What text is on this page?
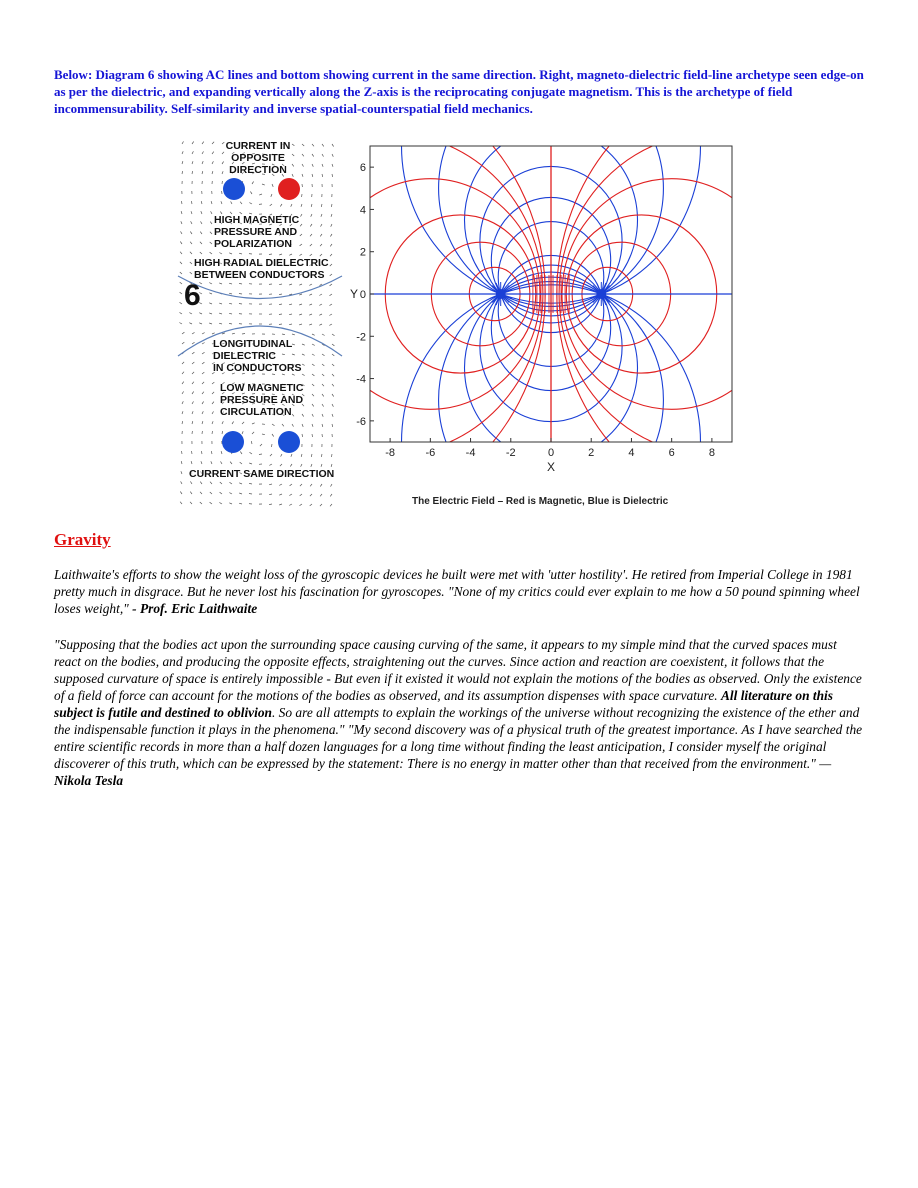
Below: Diagram 6 showing AC lines and bottom showing current in the same direction. Right, magneto-dielectric field-line archetype seen edge-on as per the dielectric, and expanding vertically along the Z-axis is the reciprocating conjugate magnetism. This is the archetype of field incommensurability. Self-similarity and inverse spatial-counterspatial field mechanics.
CURRENT IN OPPOSITE
DIRECTION
HIGH MAGNETIC
PRESSURE AND
POLARIZATION
HIGH RADIAL DIELECTRIC
BETWEEN CONDUCTORS
6
LONGITUDINAL
DIELECTRIC
IN CONDUCTORS
LOW MAGNETIC
PRESSURE AND
CIRCULATION
CURRENT SAME DIRECTION
-8	-6	-4	-2	0	2	4	6	8
-6
-4
-2
0
2
4
6
X
Y
The Electric Field – Red is Magnetic, Blue is Dielectric
Gravity
Laithwaite's efforts to show the weight loss of the gyroscopic devices he built were met with 'utter hostility'. He retired from Imperial College in 1981 pretty much in disgrace. But he never lost his fascination for gyroscopes. "None of my critics could ever explain to me how a 50 pound spinning wheel loses weight," - Prof. Eric Laithwaite
"Supposing that the bodies act upon the surrounding space causing curving of the same, it appears to my simple mind that the curved spaces must react on the bodies, and producing the opposite effects, straightening out the curves. Since action and reaction are coexistent, it follows that the supposed curvature of space is entirely impossible - But even if it existed it would not explain the motions of the bodies as observed. Only the existence of a field of force can account for the motions of the bodies as observed, and its assumption dispenses with space curvature. All literature on this subject is futile and destined to oblivion. So are all attempts to explain the workings of the universe without recognizing the existence of the ether and the indispensable function it plays in the phenomena." "My second discovery was of a physical truth of the greatest importance. As I have searched the entire scientific records in more than a half dozen languages for a long time without finding the least anticipation, I consider myself the original discoverer of this truth, which can be expressed by the statement: There is no energy in matter other than that received from the environment." — Nikola Tesla
